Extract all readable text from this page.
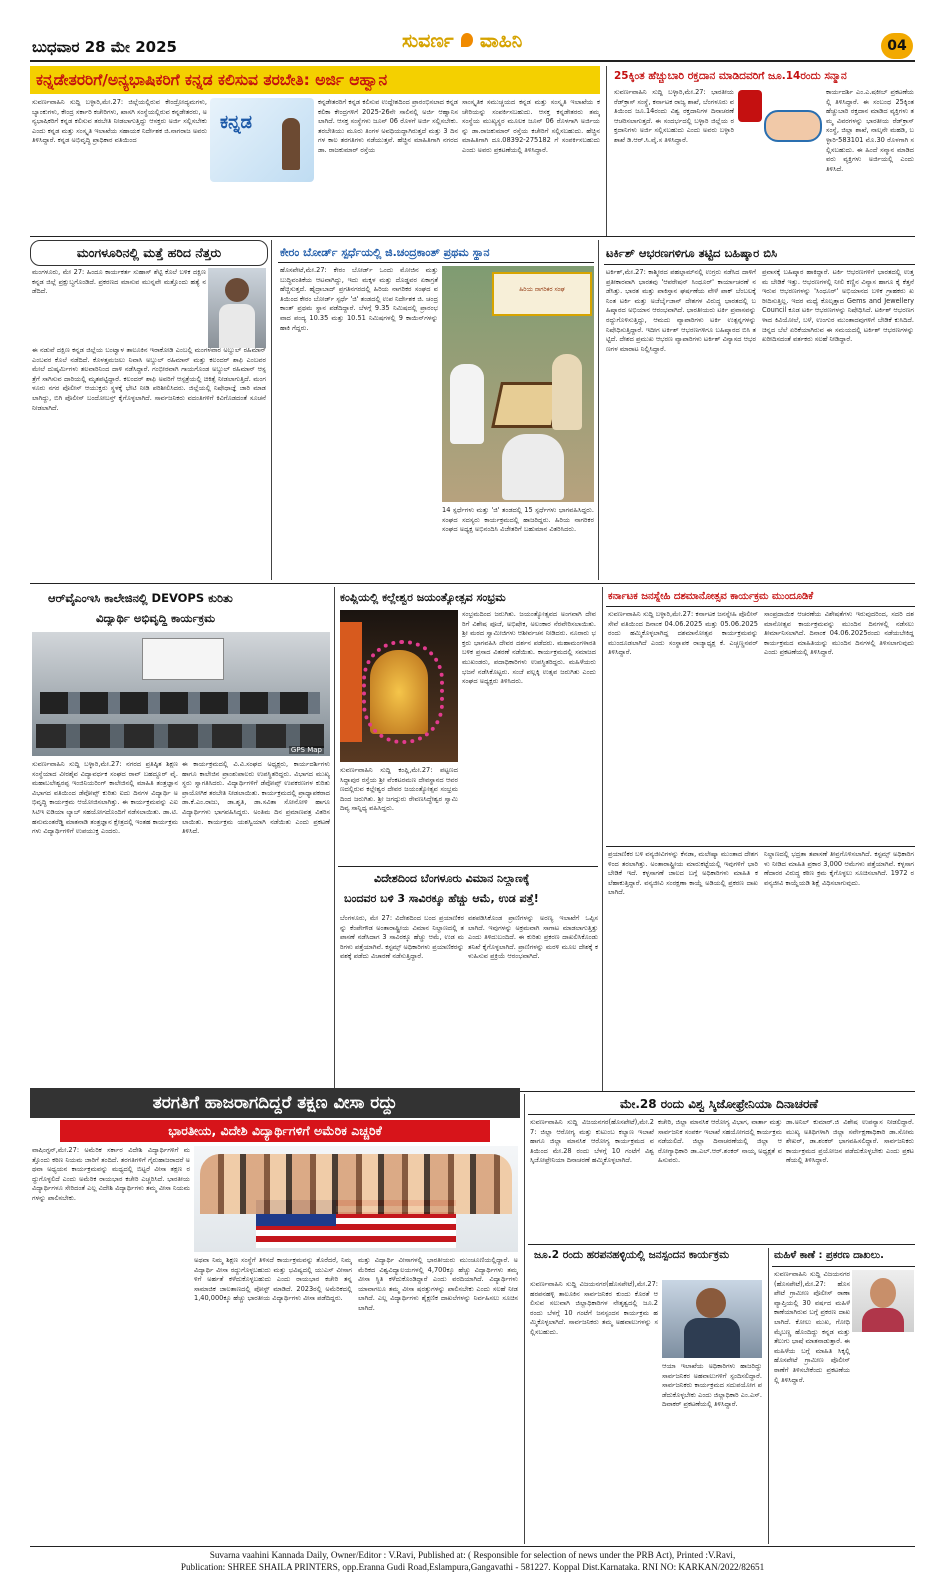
ಬುಧವಾರ 28 ಮೇ 2025	ಸುವರ್ಣ ವಾಹಿನಿ	04
ಕನ್ನಡೇತರರಿಗೆ/ಅನ್ಯಭಾಷಿಕರಿಗೆ ಕನ್ನಡ ಕಲಿಸುವ ತರಬೇತಿ: ಅರ್ಜಿ ಆಹ್ವಾನ
ಕನ್ನಡ
ಸುವರ್ಣವಾಹಿನಿ ಸುದ್ದಿ ಬಳ್ಳಾರಿ,ಮೇ.27: ಜಿಲ್ಲೆಯಲ್ಲಿರುವ ಕೇಂದ್ರೋದ್ಯಮಗಳು, ಬ್ಯಾಂಕುಗಳು, ಕೇಂದ್ರ ಸರ್ಕಾರಿ ಕಚೇರಿಗಳು, ಖಾಸಗಿ ಸಂಸ್ಥೆಯಲ್ಲಿರುವ ಕನ್ನಡೇತರರು, ಅನ್ಯಭಾಷಿಕರಿಗೆ ಕನ್ನಡ ಕಲಿಸುವ ತರಬೇತಿ ನೀಡಲಾಗುತ್ತಿದ್ದು ಆಸಕ್ತರು ಅರ್ಜಿ ಸಲ್ಲಿಸಬೇಕು ಎಂದು ಕನ್ನಡ ಮತ್ತು ಸಂಸ್ಕೃತಿ ಇಲಾಖೆಯ ಸಹಾಯಕ ನಿರ್ದೇಶಕ ಜಿ.ನಾಗರಾಜ ಅವರು ತಿಳಿಸಿದ್ದಾರೆ. ಕನ್ನಡ ಅಭಿವೃದ್ಧಿ ಪ್ರಾಧಿಕಾರ ವತಿಯಿಂದ
ಕನ್ನಡೇತರರಿಗೆ ಕನ್ನಡ ಕಲಿಸುವ ಉದ್ದೇಶದಿಂದ ಪ್ರಾರಂಭಿಸಲಾದ ಕನ್ನಡ ಕಲಿಕಾ ಕೇಂದ್ರಗಳಿಗೆ 2025-26ನೇ ಸಾಲಿನಲ್ಲಿ ಅರ್ಜಿ ಆಹ್ವಾನಿಸಲಾಗಿದೆ. ಆಸಕ್ತ ಸಂಸ್ಥೆಗಳು ಜೂನ್ 06 ರೊಳಗೆ ಅರ್ಜಿ ಸಲ್ಲಿಸಬೇಕು. ತರಬೇತಿಯು ಮೂರು ತಿಂಗಳ ಅವಧಿಯದ್ದಾಗಿರುತ್ತದೆ ಮತ್ತು 3 ದಿನಗಳ ಕಾಲ ತರಗತಿಗಳು ನಡೆಯುತ್ತವೆ. ಹೆಚ್ಚಿನ ಮಾಹಿತಿಗಾಗಿ ನಗರದ ಡಾ. ರಾಜಕುಮಾರ್ ರಸ್ತೆಯ
ಸಾಂಸ್ಕೃತಿಕ ಸಮುಚ್ಚಯದ ಕನ್ನಡ ಮತ್ತು ಸಂಸ್ಕೃತಿ ಇಲಾಖೆಯ ಕಚೇರಿಯನ್ನು ಸಂಪರ್ಕಿಸಬಹುದು. ಆಸಕ್ತ ಕನ್ನಡೇತರರು ತಮ್ಮ ಸಂಸ್ಥೆಯ ಮುಖ್ಯಸ್ಥರ ಮೂಲಕ ಜೂನ್ 06 ರೊಳಗಾಗಿ ಅರ್ಜಿಯನ್ನು ಡಾ.ರಾಜಕುಮಾರ್ ರಸ್ತೆಯ ಕಚೇರಿಗೆ ಸಲ್ಲಿಸಬಹುದು. ಹೆಚ್ಚಿನ ಮಾಹಿತಿಗಾಗಿ ದೂ.08392-275182 ಗೆ ಸಂಪರ್ಕಿಸಬಹುದು ಎಂದು ಅವರು ಪ್ರಕಟಣೆಯಲ್ಲಿ ತಿಳಿಸಿದ್ದಾರೆ.
25ಕ್ಕಿಂತ ಹೆಚ್ಚುಬಾರಿ ರಕ್ತದಾನ ಮಾಡಿದವರಿಗೆ ಜೂ.14ರಂದು ಸನ್ಮಾನ
ಸುವರ್ಣವಾಹಿನಿ ಸುದ್ದಿ ಬಳ್ಳಾರಿ,ಮೇ.27: ಭಾರತೀಯ ರೆಡ್‌ಕ್ರಾಸ್ ಸಂಸ್ಥೆ, ಕರ್ನಾಟಕ ರಾಜ್ಯ ಶಾಖೆ, ಬೆಂಗಳೂರು ವತಿಯಿಂದ ಜೂ.14ರಂದು ವಿಶ್ವ ರಕ್ತದಾನಿಗಳ ದಿನಾಚರಣೆ ಆಚರಿಸಲಾಗುತ್ತದೆ. ಈ ಸಂದರ್ಭದಲ್ಲಿ ಬಳ್ಳಾರಿ ಜಿಲ್ಲೆಯ ರಕ್ತದಾನಿಗಳು ಅರ್ಜಿ ಸಲ್ಲಿಸಬಹುದು ಎಂದು ಅವರು ಬಳ್ಳಾರಿ ಶಾಖೆ ಡಿ.ಆರ್.ಸಿ.ವೈ.ಸ ತಿಳಿಸಿದ್ದಾರೆ.
ಕಾರ್ಯದರ್ಶಿ ಎಂ.ಎ.ಷಕೀಬ್ ಪ್ರಕಟಣೆಯಲ್ಲಿ ತಿಳಿಸಿದ್ದಾರೆ. ಈ ಸಂಬಂಧ 25ಕ್ಕಿಂತ ಹೆಚ್ಚುಬಾರಿ ರಕ್ತದಾನ ಮಾಡಿದ ವ್ಯಕ್ತಿಗಳು ತಮ್ಮ ವಿವರಗಳನ್ನು ಭಾರತೀಯ ರೆಡ್‌ಕ್ರಾಸ್ ಸಂಸ್ಥೆ, ಜಿಲ್ಲಾ ಶಾಖೆ, ನಾಲ್ಕನೇ ಮಹಡಿ, ಬಳ್ಳಾರಿ-583101 ಮೊ.30 ರೊಳಗಾಗಿ ಸಲ್ಲಿಸಬಹುದು. ಈ ಹಿಂದೆ ಸನ್ಮಾನ ಮಾಡಿದವರು ವ್ಯಕ್ತಿಗಳು ಅರ್ಜಿಯಲ್ಲಿ ಎಂದು ತಿಳಿಸಿದೆ.
ಮಂಗಳೂರಿನಲ್ಲಿ ಮತ್ತೆ ಹರಿದ ನೆತ್ತರು
ಮಂಗಳೂರು, ಮೇ 27: ಹಿಂದೂ ಕಾರ್ಯಕರ್ತ ಸುಹಾಸ್ ಶೆಟ್ಟಿ ಕೊಲೆ ಬಳಿಕ ದಕ್ಷಿಣ ಕನ್ನಡ ಜಿಲ್ಲೆ ಪ್ರಕ್ಷುಬ್ಧಗೊಂಡಿದೆ. ಪ್ರಕರಣದ ಮಾಸುವ ಮುನ್ನವೇ ಮತ್ತೊಂದು ಹತ್ಯೆ ನಡೆದಿದೆ.
ಈ ನಡುವೆ ದಕ್ಷಿಣ ಕನ್ನಡ ಜಿಲ್ಲೆಯ ಬಂಟ್ವಾಳ ತಾಲೂಕಿನ ಇರಾಕೋಡಿ ಎಂಬಲ್ಲಿ ಮಂಗಳವಾರ ಅಬ್ದುಲ್ ರಹಿಮಾನ್ ಎಂಬವರ ಕೊಲೆ ನಡೆದಿದೆ. ಕೊಳತ್ತಮಜಲು ನಿವಾಸಿ ಅಬ್ದುಲ್ ರಹಿಮಾನ್ ಮತ್ತು ಕಲಂದರ್ ಶಾಫಿ ಎಂಬವರ ಮೇಲೆ ದುಷ್ಕರ್ಮಿಗಳು ತಲವಾರಿನಿಂದ ದಾಳಿ ನಡೆಸಿದ್ದಾರೆ. ಗಂಭೀರವಾಗಿ ಗಾಯಗೊಂಡ ಅಬ್ದುಲ್ ರಹಿಮಾನ್ ಆಸ್ಪತ್ರೆಗೆ ಸಾಗಿಸುವ ದಾರಿಯಲ್ಲಿ ಮೃತಪಟ್ಟಿದ್ದಾರೆ. ಕಲಂದರ್ ಶಾಫಿ ಅವರಿಗೆ ಆಸ್ಪತ್ರೆಯಲ್ಲಿ ಚಿಕಿತ್ಸೆ ನೀಡಲಾಗುತ್ತಿದೆ. ಮಂಗಳೂರು ನಗರ ಪೊಲೀಸ್ ಆಯುಕ್ತರು ಸ್ಥಳಕ್ಕೆ ಭೇಟಿ ನೀಡಿ ಪರಿಶೀಲಿಸಿದರು. ಜಿಲ್ಲೆಯಲ್ಲಿ ನಿಷೇಧಾಜ್ಞೆ ಜಾರಿ ಮಾಡಲಾಗಿದ್ದು, ಬಿಗಿ ಪೊಲೀಸ್ ಬಂದೋಬಸ್ತ್ ಕೈಗೊಳ್ಳಲಾಗಿದೆ. ಸಾರ್ವಜನಿಕರು ವದಂತಿಗಳಿಗೆ ಕಿವಿಗೊಡದಂತೆ ಸೂಚನೆ ನೀಡಲಾಗಿದೆ.
ಕೇರಂ ಬೋರ್ಡ್ ಸ್ಪರ್ಧೆಯಲ್ಲಿ ಜಿ.ಚಂದ್ರಕಾಂತ್ ಪ್ರಥಮ ಸ್ಥಾನ
ಹೊಸಪೇಟೆ,ಮೇ.27: ಕೇರಂ ಬೋರ್ಡ್ ಒಂದು ಮೋಜಿನ ಮತ್ತು ಬುದ್ಧಿವಂತಿಕೆಯ ಆಟವಾಗಿದ್ದು, ಇದು ಮಕ್ಕಳ ಮತ್ತು ದೊಡ್ಡವರ ಏಕಾಗ್ರತೆ ಹೆಚ್ಚಿಸುತ್ತದೆ. ಹೈದ್ರಾಬಾದ್ ಪ್ರಗತಿನಗರದಲ್ಲಿ ಹಿರಿಯ ನಾಗರಿಕರ ಸಂಘದ ವತಿಯಿಂದ ಕೇರಂ ಬೋರ್ಡ್ ಸ್ಪರ್ಧೆ 'ಜಿ' ತಂಡದಲ್ಲಿ ಉಪ ನಿರ್ದೇಶಕ ಜಿ. ಚಂದ್ರಕಾಂತ್ ಪ್ರಥಮ ಸ್ಥಾನ ಪಡೆದಿದ್ದಾರೆ. ಬೆಳಗ್ಗೆ 9.35 ನಿಮಿಷದಲ್ಲಿ ಪ್ರಾರಂಭವಾದ ಪಂದ್ಯ 10.35 ಮತ್ತು 10.51 ನಿಮಿಷಗಳಲ್ಲಿ 9 ಕಾಯಿನ್‌ಗಳನ್ನು ಹಾಕಿ ಗೆದ್ದರು.
ಹಿರಿಯ ನಾಗರಿಕರ ಸಂಘ
14 ಸ್ಪರ್ಧೆಗಳು ಮತ್ತು 'ಜಿ' ತಂಡದಲ್ಲಿ 15 ಸ್ಪರ್ಧೆಗಳು ಭಾಗವಹಿಸಿದ್ದರು. ಸಂಘದ ಸದಸ್ಯರು ಕಾರ್ಯಕ್ರಮದಲ್ಲಿ ಹಾಜರಿದ್ದರು. ಹಿರಿಯ ನಾಗರಿಕರ ಸಂಘದ ಅಧ್ಯಕ್ಷ ಅಭಿನಂದಿಸಿ ವಿಜೇತರಿಗೆ ಬಹುಮಾನ ವಿತರಿಸಿದರು.
ಟರ್ಕಿಶ್ ಆಭರಣಗಳಿಗೂ ತಟ್ಟಿದ ಬಹಿಷ್ಕಾರ ಬಿಸಿ
ಟರ್ಕಿಶ್,ಮೇ.27: ಕಾಶ್ಮೀರದ ಪಹಲ್ಗಾಮ್‌ನಲ್ಲಿ ಉಗ್ರರು ನಡೆಸಿದ ದಾಳಿಗೆ ಪ್ರತೀಕಾರವಾಗಿ ಭಾರತವು 'ಆಪರೇಷನ್ ಸಿಂಧೂರ್' ಕಾರ್ಯಾಚರಣೆ ನಡೆಸಿತ್ತು. ಭಾರತ ಮತ್ತು ಪಾಕಿಸ್ತಾನ ಘರ್ಷಣೆಯ ವೇಳೆ ಪಾಕ್ ಬೆಂಬಲಕ್ಕೆ ನಿಂತ ಟರ್ಕಿ ಮತ್ತು ಅಜೆರ್ಬೈಜಾನ್ ದೇಶಗಳ ವಿರುದ್ಧ ಭಾರತದಲ್ಲಿ ಬಹಿಷ್ಕಾರದ ಅಭಿಯಾನ ಆರಂಭವಾಗಿದೆ. ಭಾರತೀಯರು ಟರ್ಕಿ ಪ್ರವಾಸವನ್ನು ರದ್ದುಗೊಳಿಸುತ್ತಿದ್ದು, ಆಮದು ವ್ಯಾಪಾರಿಗಳು ಟರ್ಕಿ ಉತ್ಪನ್ನಗಳನ್ನು ನಿಷೇಧಿಸುತ್ತಿದ್ದಾರೆ. ಇದೀಗ ಟರ್ಕಿಶ್ ಆಭರಣಗಳಿಗೂ ಬಹಿಷ್ಕಾರದ ಬಿಸಿ ತಟ್ಟಿದೆ. ದೇಶದ ಪ್ರಮುಖ ಆಭರಣ ವ್ಯಾಪಾರಿಗಳು ಟರ್ಕಿಶ್ ವಿನ್ಯಾಸದ ಆಭರಣಗಳ ಮಾರಾಟ ನಿಲ್ಲಿಸಿದ್ದಾರೆ.
ಪ್ರವಾಸಕ್ಕೆ ಬಹಿಷ್ಕಾರ ಹಾಕಿದ್ದಾರೆ. ಟರ್ಕಿ ಆಭರಣಗಳಿಗೆ ಭಾರತದಲ್ಲಿ ಉತ್ತಮ ಬೇಡಿಕೆ ಇತ್ತು. ಆಭರಣಗಳಲ್ಲಿ ನೀಲಿ ಕಣ್ಣಿನ ವಿನ್ಯಾಸ ಹಾಗೂ ಕೈ ಕೆತ್ತನೆ ಇರುವ ಆಭರಣಗಳನ್ನು 'ಸಿಂಧೂರ್' ಅಭಿಯಾನದ ಬಳಿಕ ಗ್ರಾಹಕರು ಖರೀದಿಸುತ್ತಿಲ್ಲ. ಇದರ ಮಧ್ಯೆ ಕೊಲ್ಕತ್ತಾದ Gems and Jewellery Council ಕೂಡ ಟರ್ಕಿ ಆಭರಣಗಳನ್ನು ನಿಷೇಧಿಸಿದೆ. ಟರ್ಕಿಶ್ ಆಭರಣಗಳಾದ ಕಿವಿಯೋಲೆ, ಬಳೆ, ಉಂಗುರ ಮುಂತಾದವುಗಳಿಗೆ ಬೇಡಿಕೆ ಕುಸಿದಿದೆ. ಚಿನ್ನದ ಬೆಲೆ ಏರಿಕೆಯಾಗಿರುವ ಈ ಸಮಯದಲ್ಲಿ ಟರ್ಕಿಶ್ ಆಭರಣಗಳನ್ನು ಖರೀದಿಸದಂತೆ ವರ್ತಕರು ಸಲಹೆ ನೀಡಿದ್ದಾರೆ.
ಆರ್‌ವೈಎಂಇಸಿ ಕಾಲೇಜಿನಲ್ಲಿ DEVOPS ಕುರಿತು
ವಿದ್ಯಾರ್ಥಿ ಅಭಿವೃದ್ಧಿ ಕಾರ್ಯಕ್ರಮ
GPS Map
ಸುವರ್ಣವಾಹಿನಿ ಸುದ್ದಿ ಬಳ್ಳಾರಿ,ಮೇ.27: ನಗರದ ಪ್ರತಿಷ್ಠಿತ ಶಿಕ್ಷಣ ಸಂಸ್ಥೆಯಾದ ವೀರಶೈವ ವಿದ್ಯಾವರ್ಧಕ ಸಂಘದ ರಾವ್ ಬಹದ್ದೂರ್ ವೈ. ಮಹಾಬಲೇಶ್ವರಪ್ಪ ಇಂಜಿನಿಯರಿಂಗ್ ಕಾಲೇಜಿನಲ್ಲಿ ಮಾಹಿತಿ ತಂತ್ರಜ್ಞಾನ ವಿಭಾಗದ ವತಿಯಿಂದ ಡೆವೋಪ್ಸ್ ಕುರಿತು ಐದು ದಿನಗಳ ವಿದ್ಯಾರ್ಥಿ ಅಭಿವೃದ್ಧಿ ಕಾರ್ಯಕ್ರಮ ಆಯೋಜಿಸಲಾಗಿತ್ತು. ಈ ಕಾರ್ಯಕ್ರಮವನ್ನು ಎಐಸಿಟಿಇ ಐಡಿಯಾ ಲ್ಯಾಬ್ ಸಹಯೋಗದೊಂದಿಗೆ ನಡೆಸಲಾಯಿತು. ಡಾ.ಟಿ.ಹನುಮಂತರೆಡ್ಡಿ ಮಾತನಾಡಿ ತಂತ್ರಜ್ಞಾನ ಕ್ಷೇತ್ರದಲ್ಲಿ ಇಂತಹ ಕಾರ್ಯಕ್ರಮಗಳು ವಿದ್ಯಾರ್ಥಿಗಳಿಗೆ ಉಪಯುಕ್ತ ಎಂದರು.
ಈ ಕಾರ್ಯಕ್ರಮದಲ್ಲಿ ವಿ.ವಿ.ಸಂಘದ ಅಧ್ಯಕ್ಷರು, ಕಾರ್ಯದರ್ಶಿಗಳು ಹಾಗೂ ಕಾಲೇಜಿನ ಪ್ರಾಂಶುಪಾಲರು ಉಪಸ್ಥಿತರಿದ್ದರು. ವಿಭಾಗದ ಮುಖ್ಯಸ್ಥರು ಸ್ವಾಗತಿಸಿದರು. ವಿದ್ಯಾರ್ಥಿಗಳಿಗೆ ಡೆವೋಪ್ಸ್ ಉಪಕರಣಗಳ ಕುರಿತು ಪ್ರಾಯೋಗಿಕ ತರಬೇತಿ ನೀಡಲಾಯಿತು. ಕಾರ್ಯಕ್ರಮದಲ್ಲಿ ಪ್ರಾಧ್ಯಾಪಕರಾದ ಡಾ.ಕೆ.ಎಂ.ರಾಜು, ಡಾ.ಶೃತಿ, ಡಾ.ಸವಿತಾ ಸೋನೋಳಿ ಹಾಗೂ ವಿದ್ಯಾರ್ಥಿಗಳು ಭಾಗವಹಿಸಿದ್ದರು. ಅಂತಿಮ ದಿನ ಪ್ರಮಾಣಪತ್ರ ವಿತರಿಸಲಾಯಿತು. ಕಾರ್ಯಕ್ರಮ ಯಶಸ್ವಿಯಾಗಿ ನಡೆಯಿತು ಎಂದು ಪ್ರಕಟಣೆ ತಿಳಿಸಿದೆ.
ಕಂಪ್ಲಿಯಲ್ಲಿ ಕಲ್ಲೇಶ್ವರ ಜಯಂತ್ಯೋತ್ಸವ ಸಂಭ್ರಮ
ಸುವರ್ಣವಾಹಿನಿ ಸುದ್ದಿ ಕಂಪ್ಲಿ,ಮೇ.27: ಪಟ್ಟಣದ ಸಿದ್ಧಾಪುರ ರಸ್ತೆಯ ಶ್ರೀ ವೆಂಕಟರಮಣ ದೇವಸ್ಥಾನದ ಆವರಣದಲ್ಲಿರುವ ಕಲ್ಲೇಶ್ವರ ದೇವರ ಜಯಂತ್ಯೋತ್ಸವ ಸಂಭ್ರಮದಿಂದ ಜರುಗಿತು. ಶ್ರೀ ಜಗದ್ಗುರು ರೇವಣಸಿದ್ಧೇಶ್ವರ ಸ್ವಾಮಿ ದಿವ್ಯ ಸಾನ್ನಿಧ್ಯ ವಹಿಸಿದ್ದರು.
ಸಂಭ್ರಮದಿಂದ ಜರುಗಿತು. ಜಯಂತ್ಯೋತ್ಸವದ ಅಂಗವಾಗಿ ದೇವರಿಗೆ ವಿಶೇಷ ಪೂಜೆ, ಅಭಿಷೇಕ, ಅಲಂಕಾರ ನೆರವೇರಿಸಲಾಯಿತು. ಶ್ರೀ ಮಠದ ಸ್ವಾಮೀಜಿಗಳು ಆಶೀರ್ವಚನ ನೀಡಿದರು. ನೂರಾರು ಭಕ್ತರು ಭಾಗವಹಿಸಿ ದೇವರ ದರ್ಶನ ಪಡೆದರು. ಮಹಾಮಂಗಳಾರತಿ ಬಳಿಕ ಪ್ರಸಾದ ವಿತರಣೆ ನಡೆಯಿತು. ಕಾರ್ಯಕ್ರಮದಲ್ಲಿ ಸಮಾಜದ ಮುಖಂಡರು, ಪದಾಧಿಕಾರಿಗಳು ಉಪಸ್ಥಿತರಿದ್ದರು. ಮಹಿಳೆಯರು ಭಜನೆ ನಡೆಸಿಕೊಟ್ಟರು. ಸಂಜೆ ಪಲ್ಲಕ್ಕಿ ಉತ್ಸವ ಜರುಗಿತು ಎಂದು ಸಂಘದ ಅಧ್ಯಕ್ಷರು ತಿಳಿಸಿದರು.
ವಿದೇಶದಿಂದ ಬೆಂಗಳೂರು ವಿಮಾನ ನಿಲ್ದಾಣಕ್ಕೆ
ಬಂದವರ ಬಳಿ 3 ಸಾವಿರಕ್ಕೂ ಹೆಚ್ಚು ಆಮೆ, ಉಡ ಪತ್ತೆ!
ಬೆಂಗಳೂರು, ಮೇ 27: ವಿದೇಶದಿಂದ ಬಂದ ಪ್ರಯಾಣಿಕರನ್ನು ಕೆಂಪೇಗೌಡ ಅಂತಾರಾಷ್ಟ್ರೀಯ ವಿಮಾನ ನಿಲ್ದಾಣದಲ್ಲಿ ತಪಾಸಣೆ ನಡೆಸಿದಾಗ 3 ಸಾವಿರಕ್ಕೂ ಹೆಚ್ಚು ಆಮೆ, ಉಡ ಮರಿಗಳು ಪತ್ತೆಯಾಗಿವೆ. ಕಸ್ಟಮ್ಸ್ ಅಧಿಕಾರಿಗಳು ಪ್ರಯಾಣಿಕರನ್ನು ವಶಕ್ಕೆ ಪಡೆದು ವಿಚಾರಣೆ ನಡೆಸುತ್ತಿದ್ದಾರೆ.
ವಶಪಡಿಸಿಕೊಂಡ ಪ್ರಾಣಿಗಳನ್ನು ಅರಣ್ಯ ಇಲಾಖೆಗೆ ಒಪ್ಪಿಸಲಾಗಿದೆ. ಇವುಗಳನ್ನು ಅಕ್ರಮವಾಗಿ ಸಾಗಾಟ ಮಾಡಲಾಗುತ್ತಿತ್ತು ಎಂದು ತಿಳಿದುಬಂದಿದೆ. ಈ ಕುರಿತು ಪ್ರಕರಣ ದಾಖಲಿಸಿಕೊಂಡು ತನಿಖೆ ಕೈಗೊಳ್ಳಲಾಗಿದೆ. ಪ್ರಾಣಿಗಳನ್ನು ಮರಳಿ ಮೂಲ ದೇಶಕ್ಕೆ ಕಳುಹಿಸುವ ಪ್ರಕ್ರಿಯೆ ಆರಂಭವಾಗಿದೆ.
ಕರ್ನಾಟಕ ಜನಸ್ನೇಹಿ ದಶಮಾನೋತ್ಸವ ಕಾರ್ಯಕ್ರಮ ಮುಂದೂಡಿಕೆ
ಸುವರ್ಣವಾಹಿನಿ ಸುದ್ದಿ ಬಳ್ಳಾರಿ,ಮೇ.27: ಕರ್ನಾಟಕ ಜನಸ್ನೇಹಿ ಪೊಲೀಸ್ ಸೇವೆ ವತಿಯಿಂದ ದಿನಾಂಕ 04.06.2025 ಮತ್ತು 05.06.2025 ರಂದು ಹಮ್ಮಿಕೊಳ್ಳಲಾಗಿದ್ದ ದಶಮಾನೋತ್ಸವ ಕಾರ್ಯಕ್ರಮವನ್ನು ಮುಂದೂಡಲಾಗಿದೆ ಎಂದು ಸಂಸ್ಥಾಪಕ ರಾಜ್ಯಾಧ್ಯಕ್ಷ ಕೆ. ಎಚ್ಚಣ್ಣನವರ್ ತಿಳಿಸಿದ್ದಾರೆ.
ಸಾಂಪ್ರದಾಯಿಕ ಆಚರಣೆಯ ವಿಶೇಷತೆಗಳು ಇರುವುದರಿಂದ, ಸದರಿ ದಶಮಾನೋತ್ಸವ ಕಾರ್ಯಕ್ರಮವನ್ನು ಮುಂದಿನ ದಿನಗಳಲ್ಲಿ ನಡೆಸಲು ತೀರ್ಮಾನಿಸಲಾಗಿದೆ. ದಿನಾಂಕ 04.06.2025ರಂದು ನಡೆಯಬೇಕಿದ್ದ ಕಾರ್ಯಕ್ರಮದ ಮಾಹಿತಿಯನ್ನು ಮುಂದಿನ ದಿನಗಳಲ್ಲಿ ತಿಳಿಸಲಾಗುವುದು ಎಂದು ಪ್ರಕಟಣೆಯಲ್ಲಿ ತಿಳಿಸಿದ್ದಾರೆ.
ಪ್ರಯಾಣಿಕರ ಬಳಿ ವನ್ಯಜೀವಿಗಳನ್ನು ಕೆನಡಾ, ಮಲೇಷ್ಯಾ ಮುಂತಾದ ದೇಶಗಳಿಂದ ತರಲಾಗಿತ್ತು. ಅಂತಾರಾಷ್ಟ್ರೀಯ ಮಾರುಕಟ್ಟೆಯಲ್ಲಿ ಇವುಗಳಿಗೆ ಭಾರಿ ಬೇಡಿಕೆ ಇದೆ. ಕಳ್ಳಸಾಗಣೆ ಜಾಲದ ಬಗ್ಗೆ ಅಧಿಕಾರಿಗಳು ಮಾಹಿತಿ ಕಲೆಹಾಕುತ್ತಿದ್ದಾರೆ. ವನ್ಯಜೀವಿ ಸಂರಕ್ಷಣಾ ಕಾಯ್ದೆ ಅಡಿಯಲ್ಲಿ ಪ್ರಕರಣ ದಾಖಲಾಗಿದೆ.
ನಿಲ್ದಾಣದಲ್ಲಿ ಭದ್ರತಾ ತಪಾಸಣೆ ತೀವ್ರಗೊಳಿಸಲಾಗಿದೆ. ಕಸ್ಟಮ್ಸ್ ಅಧಿಕಾರಿಗಳು ನೀಡಿದ ಮಾಹಿತಿ ಪ್ರಕಾರ 3,000 ಆಮೆಗಳು ಪತ್ತೆಯಾಗಿವೆ. ಕಳ್ಳಸಾಗಣೆದಾರರ ವಿರುದ್ಧ ಕಠಿಣ ಕ್ರಮ ಕೈಗೊಳ್ಳಲು ಸೂಚಿಸಲಾಗಿದೆ. 1972 ರ ವನ್ಯಜೀವಿ ಕಾಯ್ದೆಯಡಿ ಶಿಕ್ಷೆ ವಿಧಿಸಲಾಗುವುದು.
ತರಗತಿಗೆ ಹಾಜರಾಗದಿದ್ದರೆ ತಕ್ಷಣ ವೀಸಾ ರದ್ದು
ಭಾರತೀಯ, ವಿದೇಶಿ ವಿದ್ಯಾರ್ಥಿಗಳಿಗೆ ಅಮೆರಿಕ ಎಚ್ಚರಿಕೆ
ವಾಷಿಂಗ್ಟನ್,ಮೇ.27: ಅಮೆರಿಕ ಸರ್ಕಾರ ವಿದೇಶಿ ವಿದ್ಯಾರ್ಥಿಗಳಿಗೆ ಮತ್ತೊಂದು ಕಠಿಣ ನಿಯಮ ಜಾರಿಗೆ ತಂದಿದೆ. ತರಗತಿಗಳಿಗೆ ಗೈರುಹಾಜರಾದರೆ ಅಥವಾ ಅಧ್ಯಯನ ಕಾರ್ಯಕ್ರಮವನ್ನು ಮಧ್ಯದಲ್ಲಿ ಬಿಟ್ಟರೆ ವೀಸಾ ತಕ್ಷಣ ರದ್ದುಗೊಳ್ಳಲಿದೆ ಎಂದು ಅಮೆರಿಕ ರಾಯಭಾರ ಕಚೇರಿ ಎಚ್ಚರಿಸಿದೆ. ಭಾರತೀಯ ವಿದ್ಯಾರ್ಥಿಗಳೂ ಸೇರಿದಂತೆ ಎಲ್ಲ ವಿದೇಶಿ ವಿದ್ಯಾರ್ಥಿಗಳು ತಮ್ಮ ವೀಸಾ ನಿಯಮಗಳನ್ನು ಪಾಲಿಸಬೇಕು.
ಅಥವಾ ನಿಮ್ಮ ಶಿಕ್ಷಣ ಸಂಸ್ಥೆಗೆ ತಿಳಿಸದೆ ಕಾರ್ಯಕ್ರಮವನ್ನು ತೊರೆದರೆ, ನಿಮ್ಮ ವಿದ್ಯಾರ್ಥಿ ವೀಸಾ ರದ್ದುಗೊಳ್ಳಬಹುದು ಮತ್ತು ಭವಿಷ್ಯದಲ್ಲಿ ಯುಎಸ್ ವೀಸಾಗಳಿಗೆ ಅರ್ಹತೆ ಕಳೆದುಕೊಳ್ಳಬಹುದು ಎಂದು ರಾಯಭಾರ ಕಚೇರಿ ತನ್ನ ಸಾಮಾಜಿಕ ಜಾಲತಾಣದಲ್ಲಿ ಪೋಸ್ಟ್ ಮಾಡಿದೆ. 2023ರಲ್ಲಿ ಅಮೆರಿಕದಲ್ಲಿ 1,40,000ಕ್ಕೂ ಹೆಚ್ಚು ಭಾರತೀಯ ವಿದ್ಯಾರ್ಥಿಗಳು ವೀಸಾ ಪಡೆದಿದ್ದರು.
ಮತ್ತು ವಿದ್ಯಾರ್ಥಿ ವೀಸಾಗಳಲ್ಲಿ ಭಾರತೀಯರು ಮುಂಚೂಣಿಯಲ್ಲಿದ್ದಾರೆ. ಅಮೆರಿಕದ ವಿಶ್ವವಿದ್ಯಾಲಯಗಳಲ್ಲಿ 4,700ಕ್ಕೂ ಹೆಚ್ಚು ವಿದ್ಯಾರ್ಥಿಗಳು ತಮ್ಮ ವೀಸಾ ಸ್ಥಿತಿ ಕಳೆದುಕೊಂಡಿದ್ದಾರೆ ಎಂದು ವರದಿಯಾಗಿದೆ. ವಿದ್ಯಾರ್ಥಿಗಳು ಯಾವಾಗಲೂ ತಮ್ಮ ವೀಸಾ ಷರತ್ತುಗಳನ್ನು ಪಾಲಿಸಬೇಕು ಎಂದು ಸಲಹೆ ನೀಡಲಾಗಿದೆ. ಎಲ್ಲ ವಿದ್ಯಾರ್ಥಿಗಳು ಶೈಕ್ಷಣಿಕ ದಾಖಲೆಗಳನ್ನು ನಿರ್ವಹಿಸಲು ಸೂಚಿಸಲಾಗಿದೆ.
ಮೇ.28 ರಂದು ವಿಶ್ವ ಸ್ಕಿಜೋಫ್ರೇನಿಯಾ ದಿನಾಚರಣೆ
ಸುವರ್ಣವಾಹಿನಿ ಸುದ್ದಿ ವಿಜಯನಗರ(ಹೊಸಪೇಟೆ),ಮೇ.27: ಜಿಲ್ಲಾ ಆರೋಗ್ಯ ಮತ್ತು ಕುಟುಂಬ ಕಲ್ಯಾಣ ಇಲಾಖೆ ಹಾಗೂ ಜಿಲ್ಲಾ ಮಾನಸಿಕ ಆರೋಗ್ಯ ಕಾರ್ಯಕ್ರಮದ ವತಿಯಿಂದ ಮೇ.28 ರಂದು ಬೆಳಗ್ಗೆ 10 ಗಂಟೆಗೆ ವಿಶ್ವ ಸ್ಕಿಜೋಫ್ರೇನಿಯಾ ದಿನಾಚರಣೆ ಹಮ್ಮಿಕೊಳ್ಳಲಾಗಿದೆ.
ಕಚೇರಿ, ಜಿಲ್ಲಾ ಮಾನಸಿಕ ಆರೋಗ್ಯ ವಿಭಾಗ, ವಾರ್ತಾ ಮತ್ತು ಸಾರ್ವಜನಿಕ ಸಂಪರ್ಕ ಇಲಾಖೆ ಸಹಯೋಗದಲ್ಲಿ ಕಾರ್ಯಕ್ರಮ ನಡೆಯಲಿದೆ. ಜಿಲ್ಲಾ ದಿನಾಚರಣೆಯಲ್ಲಿ ಜಿಲ್ಲಾ ಆರೋಗ್ಯಾಧಿಕಾರಿ ಡಾ.ಎಲ್.ಆರ್.ಶಂಕರ್ ನಾಯ್ಕ ಅಧ್ಯಕ್ಷತೆ ವಹಿಸುವರು.
ಡಾ.ಅನಿಲ್ ಕುಮಾರ್.ಜಿ ವಿಶೇಷ ಉಪನ್ಯಾಸ ನೀಡಲಿದ್ದಾರೆ. ಮುಖ್ಯ ಅತಿಥಿಗಳಾಗಿ ಜಿಲ್ಲಾ ಸರ್ವೇಕ್ಷಣಾಧಿಕಾರಿ ಡಾ.ಸೋಮಶೇಖರ್, ಡಾ.ಶಂಕರ್ ಭಾಗವಹಿಸಲಿದ್ದಾರೆ. ಸಾರ್ವಜನಿಕರು ಕಾರ್ಯಕ್ರಮದ ಪ್ರಯೋಜನ ಪಡೆದುಕೊಳ್ಳಬೇಕು ಎಂದು ಪ್ರಕಟಣೆಯಲ್ಲಿ ತಿಳಿಸಿದ್ದಾರೆ.
ಜೂ.2 ರಂದು ಹರಪನಹಳ್ಳಿಯಲ್ಲಿ ಜನಸ್ಪಂದನ ಕಾರ್ಯಕ್ರಮ
ಸುವರ್ಣವಾಹಿನಿ ಸುದ್ದಿ ವಿಜಯನಗರ(ಹೊಸಪೇಟೆ),ಮೇ.27: ಹರಪನಹಳ್ಳಿ ತಾಲೂಕಿನ ಸಾರ್ವಜನಿಕರ ಕುಂದು ಕೊರತೆ ಆಲಿಸುವ ಸಲುವಾಗಿ ಜಿಲ್ಲಾಧಿಕಾರಿಗಳ ನೇತೃತ್ವದಲ್ಲಿ ಜೂ.2 ರಂದು ಬೆಳಗ್ಗೆ 10 ಗಂಟೆಗೆ ಜನಸ್ಪಂದನ ಕಾರ್ಯಕ್ರಮ ಹಮ್ಮಿಕೊಳ್ಳಲಾಗಿದೆ. ಸಾರ್ವಜನಿಕರು ತಮ್ಮ ಅಹವಾಲುಗಳನ್ನು ಸಲ್ಲಿಸಬಹುದು.
ಆಯಾ ಇಲಾಖೆಯ ಅಧಿಕಾರಿಗಳು ಹಾಜರಿದ್ದು ಸಾರ್ವಜನಿಕರ ಅಹವಾಲುಗಳಿಗೆ ಸ್ಪಂದಿಸಲಿದ್ದಾರೆ. ಸಾರ್ವಜನಿಕರು ಕಾರ್ಯಕ್ರಮದ ಸದುಪಯೋಗ ಪಡೆದುಕೊಳ್ಳಬೇಕು ಎಂದು ಜಿಲ್ಲಾಧಿಕಾರಿ ಎಂ.ಎಸ್.ದಿವಾಕರ್ ಪ್ರಕಟಣೆಯಲ್ಲಿ ತಿಳಿಸಿದ್ದಾರೆ.
ಮಹಿಳೆ ಕಾಣೆ : ಪ್ರಕರಣ ದಾಖಲು.
ಸುವರ್ಣವಾಹಿನಿ ಸುದ್ದಿ ವಿಜಯನಗರ(ಹೊಸಪೇಟೆ),ಮೇ.27: ಹೊಸಪೇಟೆ ಗ್ರಾಮೀಣ ಪೊಲೀಸ್ ಠಾಣಾ ವ್ಯಾಪ್ತಿಯಲ್ಲಿ 30 ವರ್ಷದ ಮಹಿಳೆ ಕಾಣೆಯಾಗಿರುವ ಬಗ್ಗೆ ಪ್ರಕರಣ ದಾಖಲಾಗಿದೆ. ಕೋಲು ಮುಖ, ಗೋಧಿ ಮೈಬಣ್ಣ ಹೊಂದಿದ್ದು ಕನ್ನಡ ಮತ್ತು ತೆಲುಗು ಭಾಷೆ ಮಾತನಾಡುತ್ತಾರೆ. ಈ ಮಹಿಳೆಯ ಬಗ್ಗೆ ಮಾಹಿತಿ ಸಿಕ್ಕಲ್ಲಿ ಹೊಸಪೇಟೆ ಗ್ರಾಮೀಣ ಪೊಲೀಸ್ ಠಾಣೆಗೆ ತಿಳಿಸಬೇಕೆಂದು ಪ್ರಕಟಣೆಯಲ್ಲಿ ತಿಳಿಸಿದ್ದಾರೆ.
Suvarna vaahini Kannada Daily, Owner/Editor : V.Ravi, Published at: ( Responsible for selection of news under the PRB Act), Printed :V.Ravi,
Publication: SHREE SHAILA PRINTERS, opp.Eranna Gudi Road,Eslampura,Gangavathi - 581227. Koppal Dist.Karnataka. RNI NO: KARKAN/2022/82651
